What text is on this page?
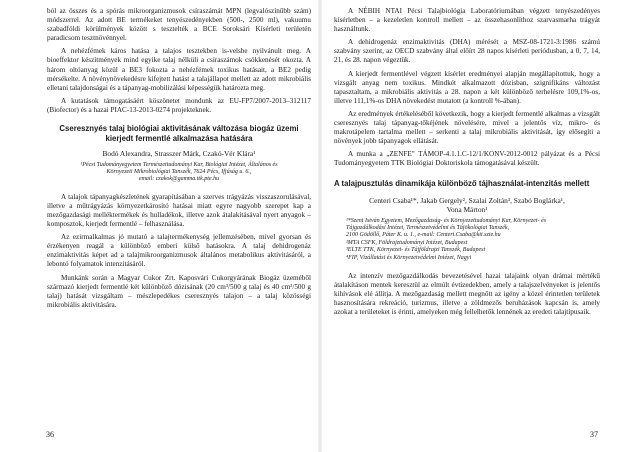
ból az összes és a spórás mikroorganizmusok csíraszámát MPN (legvalószínűbb szám) módszerrel. Az adott BE termékeket tenyészedényekben (500-, 2500 ml), vakuumu szabadföldi körülmények között s tesztelték a BCE Soroksári Kísérleti területén paradicsom tesztnövénnyel.

A nehézfémek káros hatása a talajos tesztekben is-velsbe nyilvánult meg. A bioeffektor készítmények mind egyike talaj nélküli a csíraszámok csökkenését okozta. A három oltóanyag közül a BE3 fokozta a nehézfémek toxikus hatásait, a BE2 pedig mérsékelte. A növénynövekedésre kifejtett hatást a talajállapot mellett az adott mikrobiális elletani talajdonságai és a tápanyag-mobilizálási képességük határozta meg.

A kutatások támogatásáért köszönetet mondunk az EU-FP7/2007-2013–312117 (Biofector) és a hazai PIAC-13-2013-0274 projekteknek.

Cseresznyés talaj biológiai aktivitásának változása biogáz üzemi kierjedt fermentlé alkalmazása hatására
Bodó Alexandra, Strasszer Márk, Czakó-Vér Klára¹
¹Pécsi Tudományegyetem Természettudományi Kar, Biológiai Intézet, Általános és
Környezeti Mikrobiológiai Tanszék, 7624 Pécs, Ifjúság u. 6.,
email: czakok@gamma.ttk.pte.hu

A talajok tápanyagkészletének gyarapításában a szerves trágyázás visszaszorulásával, illetve a műtrágyázás környezetkárosító hatásai miatt egyre nagyobb szerepet kap a mezőgazdasági melléktermékek és hulladékok, illetve azok átalakításával nyert anyagok – komposztok, kierjedt fermentlé – felhasználása.

Az ezirmalkalmas jó mutató a talajtermékenység jellemzésében, mivel gyorsan és érzékenyen reagál a különböző emberi külső hatásokra. A talaj dehidrogenáz enzimaktivitás képet ad a talajmikroorganizmusok általános metabolikus aktivitásáról, a lebontó folyamatok intenzitásáról.

Munkánk során a Magyar Cukor Zrt. Kaposvári Cukorgyárának Biogáz üzeméből származó kierjedt fermentlé két különböző dózisának (20 cm³/500 g talaj és 40 cm³/500 g talaj) hatását vizsgáltam – mészlepedékes cseresznyés talajon – a talaj közösségi mikrobiális aktivitására.

36

A NÉBIH NTAI Pécsi Talajbiológia Laboratóriumában végzett tenyészedényes kísérletben – a kezeletlen kontroll mellett – az összehasonlíthoz szarvasmarha trágyát használtunk.

A dehidrogenáz enzimaktivitás (DHA) mérését a MSZ-08-1721-3:1986 számú szabvány szerint, az OECD szabvány által előírt 28 napos kísérleti periódusban, a 0, 7, 14, 21, és 28. napon végeztük.

A kierjedt fermentlével végzett kísérlet eredményei alapján megállapítottuk, hogy a vizsgált anyag nem toxikus. Mindkét alkalmazott dózisban, szignifikáns változást tapasztaltam, a mikrobiális aktivitás a 28. napon a két különböző terhelésre 109,1%-os, illetve 111,1%-os DHA növekedést mutatott (a kontroll %-ában).

Az eredmények értékeléséből következik, hogy a kierjedt fermentlé alkalmas a vizsgált cseresznyés talaj tápanyag-tőkéjének növelésére, mivel a jelentős víz, mikro- és makrotápelem tartalma mellett – serkenti a talaj mikrobiális aktivitását, így elősegíti a növények jobb tápanyagok ellátását.

A munka a „ZENFE" TÁMOP-4.1.1.C-12/1/KONV-2012-0012 pályázat és a Pécsi Tudományegyetem TTK Biológiai Doktoriskola támogatásával készült.

A talajpusztulás dinamikája különböző tájhasználat-intenzitás mellett
Centeri Csaba¹*, Jakab Gergely², Szalai Zoltán³, Szabó Boglárka¹,
Vona Márton¹
¹*Szent István Egyetem, Mezőgazdaság- és Környezettudományi Kar, Környezet- és
Tájgazdálkodási Intézet, Természetvédelmi és Tájökológiai Tanszék,
2100 Gödöllő, Páter K. u. 1., e-mail: Centeri.Csaba@kti.szie.hu
²MTA CSFK, Földrajztudományi Intézet, Budapest
³ELTE TTK, Környezet- és Tájföldrajzi Tanszék, Budapest
⁴FIP, Vízállatási és Környezetvédelmi Intézet, Nagyi

Az intenzív mezőgazdálkodás bevezetésével hazai talajaink olyan drámai mértékű átalakításon mentek keresztül az elmúlt évtizedekben, amely a talajszelvényeket is jelentős kihívások elé állítja. A mezőgazdaság mellett megnőtt az igény a közel érintetlen területek hasznosítására rekreáció, turizmus, illetve a zöldmezős beruházások kapcsán is, amely azokat a területeket is érinti, amelyeken még fellelhetők lennének az eredeti talajtípusaik.

37
